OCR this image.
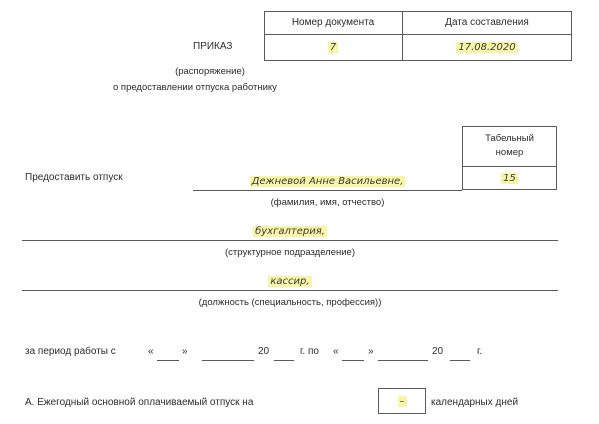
Номер документа	Дата составления
7	17.08.2020
ПРИКАЗ
(распоряжение)
о предоставлении отпуска работнику
Табельный
номер
15
Предоставить отпуск	Дежневой Анне Васильевне,
(фамилия, имя, отчество)
бухгалтерия,
(структурное подразделение)
кассир,
(должность (специальность, профессия))
за период работы с	«	»	20	г. по «	»	20	г.
А. Ежегодный основной оплачиваемый отпуск на	–	календарных дней
